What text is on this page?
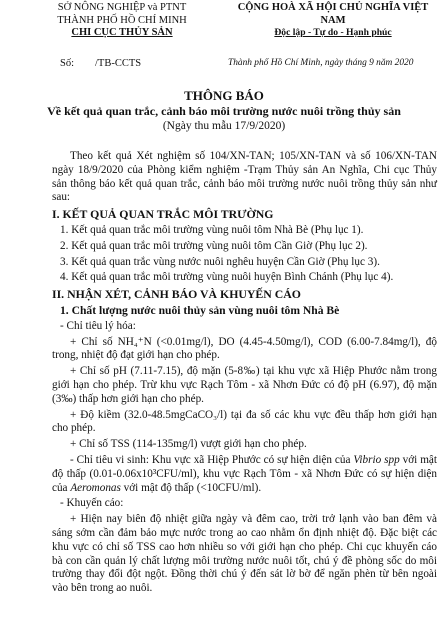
SỞ NÔNG NGHIỆP và PTNT
THÀNH PHỐ HỒ CHÍ MINH
CHI CỤC THỦY SẢN
CỘNG HOÀ XÃ HỘI CHỦ NGHĨA VIỆT NAM
Độc lập - Tự do - Hạnh phúc
Số:        /TB-CCTS	Thành phố Hồ Chí Minh, ngày tháng 9 năm 2020
THÔNG BÁO
Về kết quả quan trắc, cảnh báo môi trường nước nuôi trồng thủy sản
(Ngày thu mẫu 17/9/2020)

Theo kết quả Xét nghiệm số 104/XN-TAN; 105/XN-TAN và số 106/XN-TAN ngày 18/9/2020 của Phòng kiểm nghiệm -Trạm Thủy sản An Nghĩa, Chi cục Thủy sản thông báo kết quả quan trắc, cảnh báo môi trường nước nuôi trồng thủy sản như sau:

I. KẾT QUẢ QUAN TRẮC MÔI TRƯỜNG

1. Kết quả quan trắc môi trường vùng nuôi tôm Nhà Bè (Phụ lục 1).

2. Kết quả quan trắc môi trường vùng nuôi tôm Cần Giờ (Phụ lục 2).

3. Kết quả quan trắc vùng nước nuôi nghêu huyện Cần Giờ (Phụ lục 3).

4. Kết quả quan trắc môi trường vùng nuôi huyện Bình Chánh (Phụ lục 4).

II. NHẬN XÉT, CẢNH BÁO VÀ KHUYẾN CÁO
1. Chất lượng nước nuôi thủy sản vùng nuôi tôm Nhà Bè

- Chỉ tiêu lý hóa:

+ Chỉ số NH₄⁺N (<0.01mg/l), DO (4.45-4.50mg/l), COD (6.00-7.84mg/l), độ trong, nhiệt độ đạt giới hạn cho phép.

+ Chỉ số pH (7.11-7.15), độ mặn (5-8‰) tại khu vực xã Hiệp Phước nằm trong giới hạn cho phép. Trừ khu vực Rạch Tôm - xã Nhơn Đức có độ pH (6.97), độ mặn (3‰) thấp hơn giới hạn cho phép.

+ Độ kiềm (32.0-48.5mgCaCO₃/l) tại đa số các khu vực đều thấp hơn giới hạn cho phép.

+ Chỉ số TSS (114-135mg/l) vượt giới hạn cho phép.

- Chỉ tiêu vi sinh: Khu vực xã Hiệp Phước có sự hiện diện của Vibrio spp với mật độ thấp (0.01-0.06x10³CFU/ml), khu vực Rạch Tôm - xã Nhơn Đức có sự hiện diện của Aeromonas với mật độ thấp (<10CFU/ml).

- Khuyến cáo:

+ Hiện nay biên độ nhiệt giữa ngày và đêm cao, trời trở lạnh vào ban đêm và sáng sớm cần đảm bảo mực nước trong ao cao nhằm ổn định nhiệt độ. Đặc biệt các khu vực có chỉ số TSS cao hơn nhiều so với giới hạn cho phép. Chi cục khuyến cáo bà con cần quản lý chất lượng môi trường nước nuôi tốt, chú ý đề phòng sốc do môi trường thay đổi đột ngột. Đồng thời chú ý đến sát lờ bờ để ngăn phèn từ bên ngoài vào bên trong ao nuôi.
